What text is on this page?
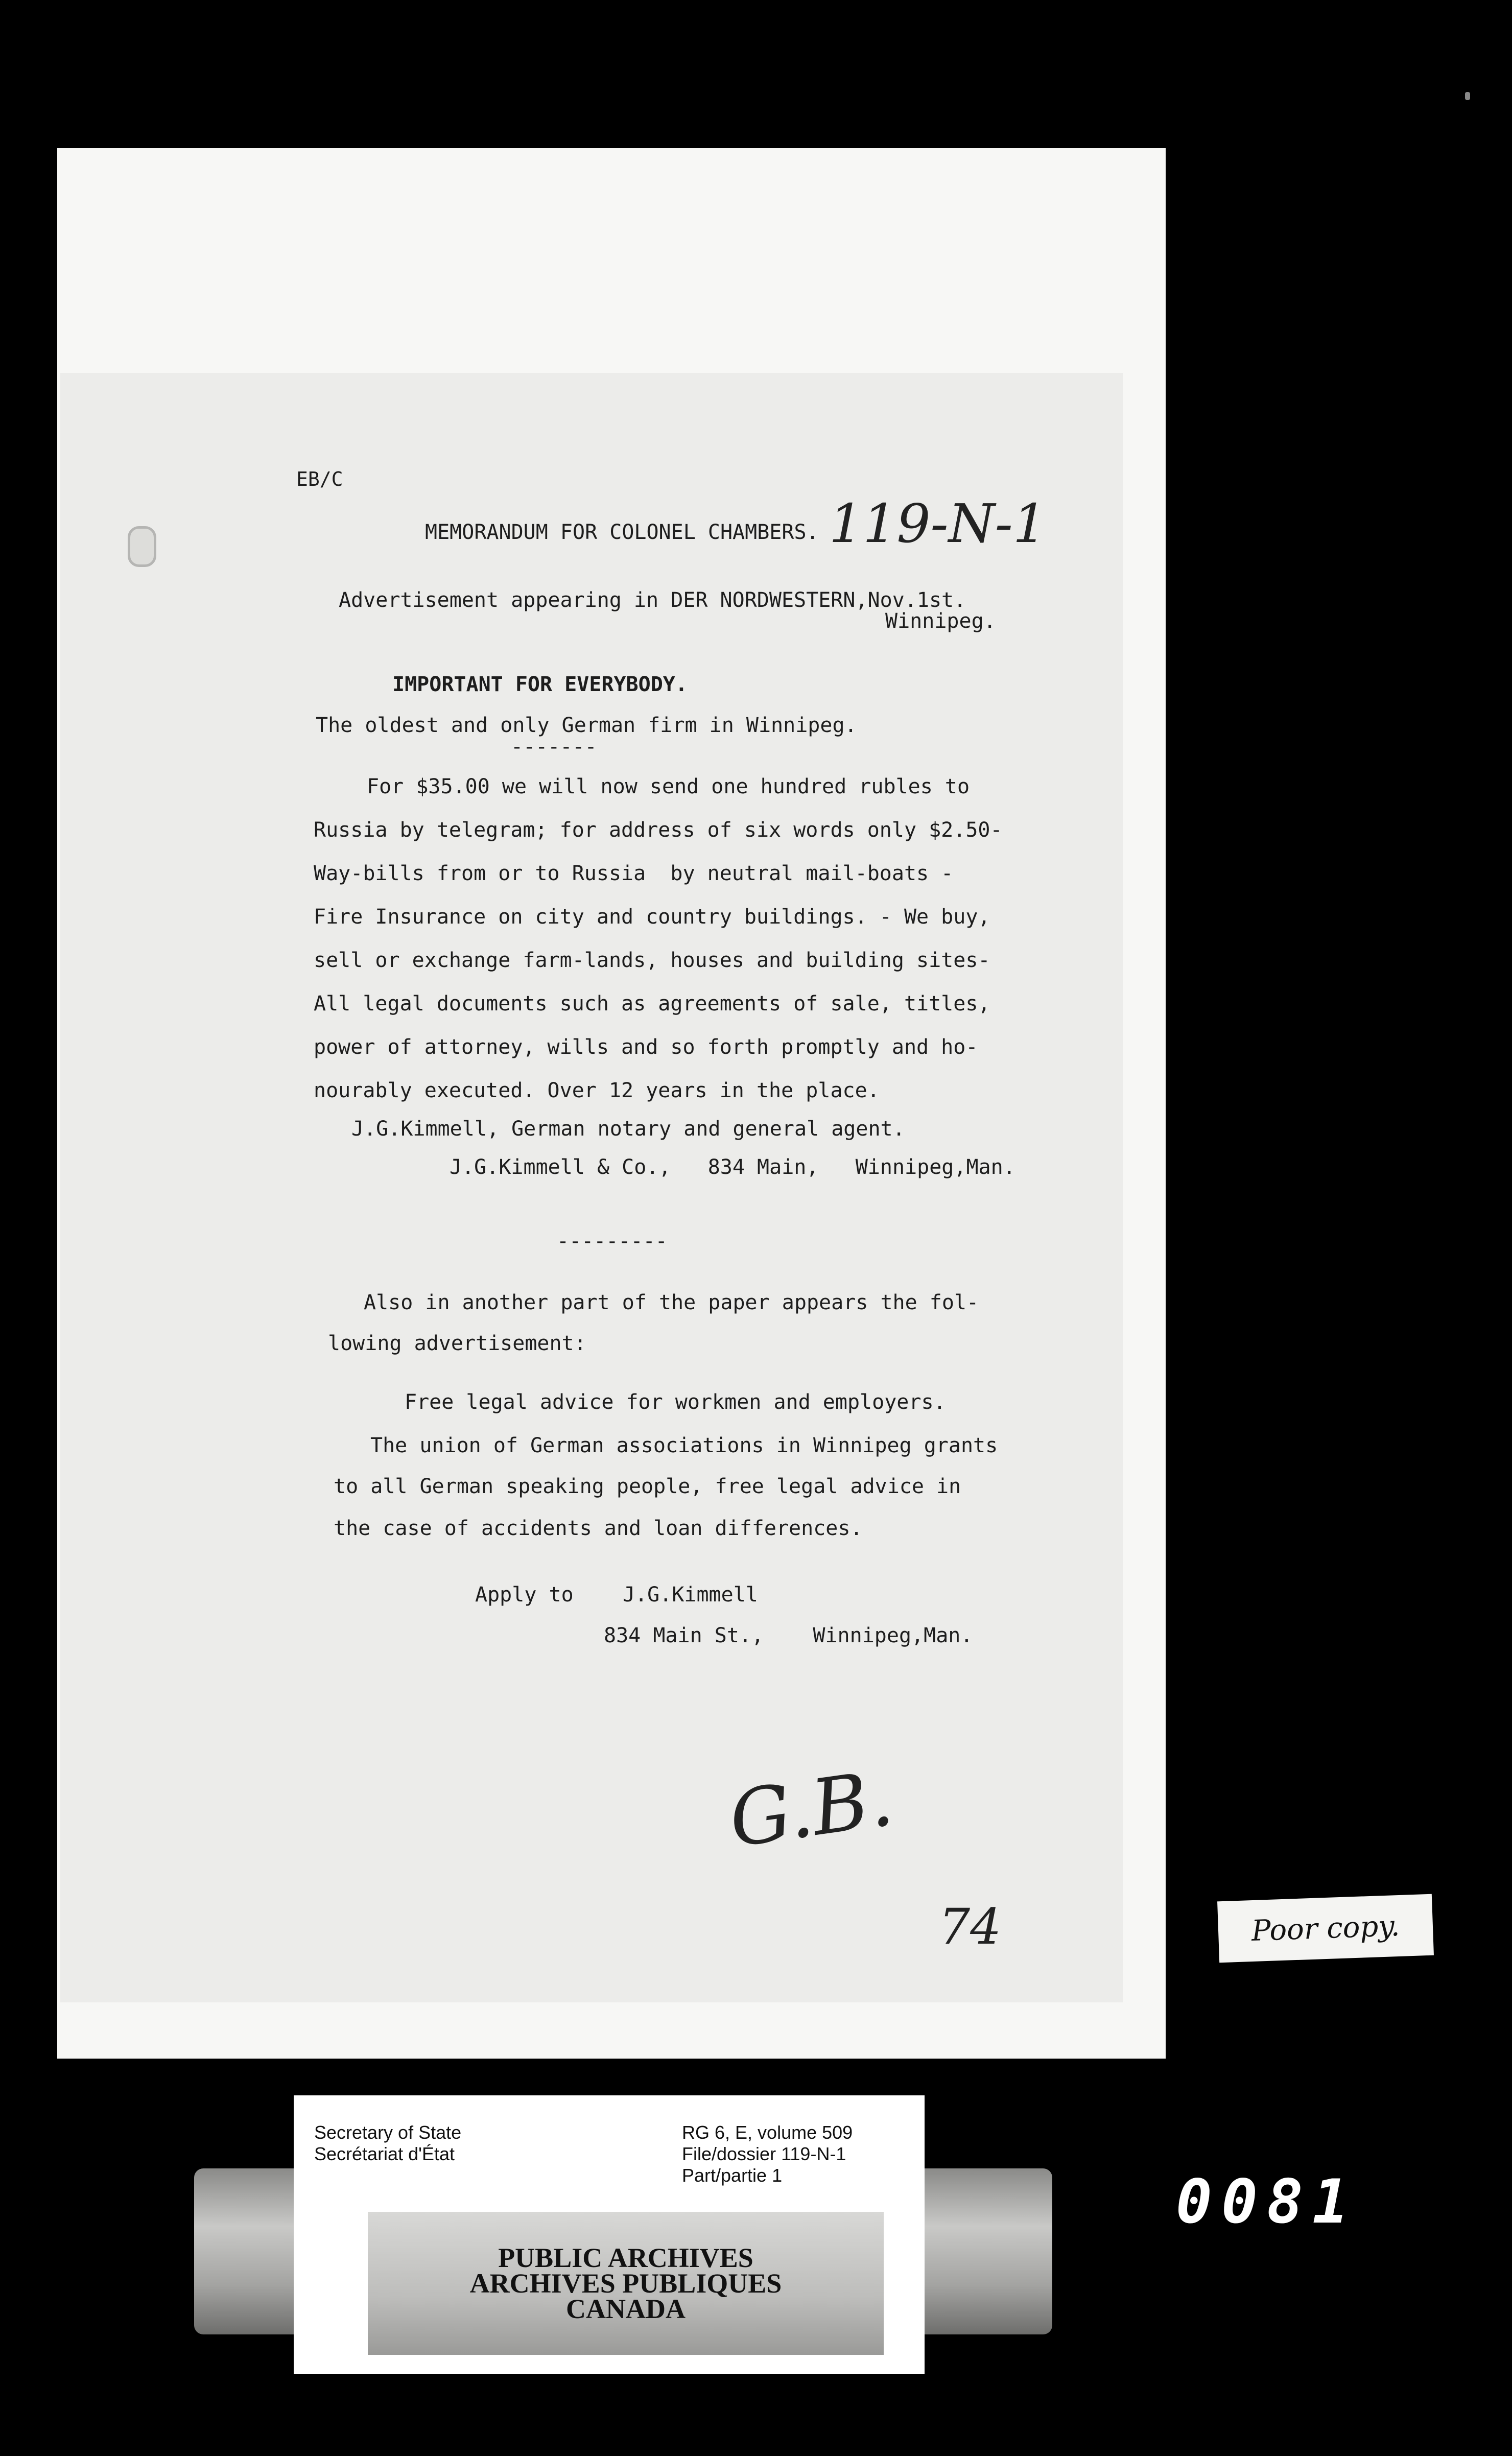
EB/C

119-N-1

MEMORANDUM FOR COLONEL CHAMBERS.

Advertisement appearing in DER NORDWESTERN,Nov.1st.

Winnipeg.

IMPORTANT FOR EVERYBODY.

The oldest and only German firm in Winnipeg.

-------

For $35.00 we will now send one hundred rubles to

Russia by telegram; for address of six words only $2.50-

Way-bills from or to Russia  by neutral mail-boats -

Fire Insurance on city and country buildings. - We buy,

sell or exchange farm-lands, houses and building sites-

All legal documents such as agreements of sale, titles,

power of attorney, wills and so forth promptly and ho-

nourably executed. Over 12 years in the place.

J.G.Kimmell, German notary and general agent.

J.G.Kimmell & Co.,   834 Main,   Winnipeg,Man.

---------

Also in another part of the paper appears the fol-

lowing advertisement:

Free legal advice for workmen and employers.

The union of German associations in Winnipeg grants

to all German speaking people, free legal advice in

the case of accidents and loan differences.

Apply to    J.G.Kimmell

834 Main St.,    Winnipeg,Man.

G.B.

74	Poor copy.

Secretary of State

Secrétariat d'État

RG 6, E, volume 509

File/dossier 119-N-1

Part/partie 1

PUBLIC ARCHIVES
ARCHIVES PUBLIQUES
CANADA
0081
